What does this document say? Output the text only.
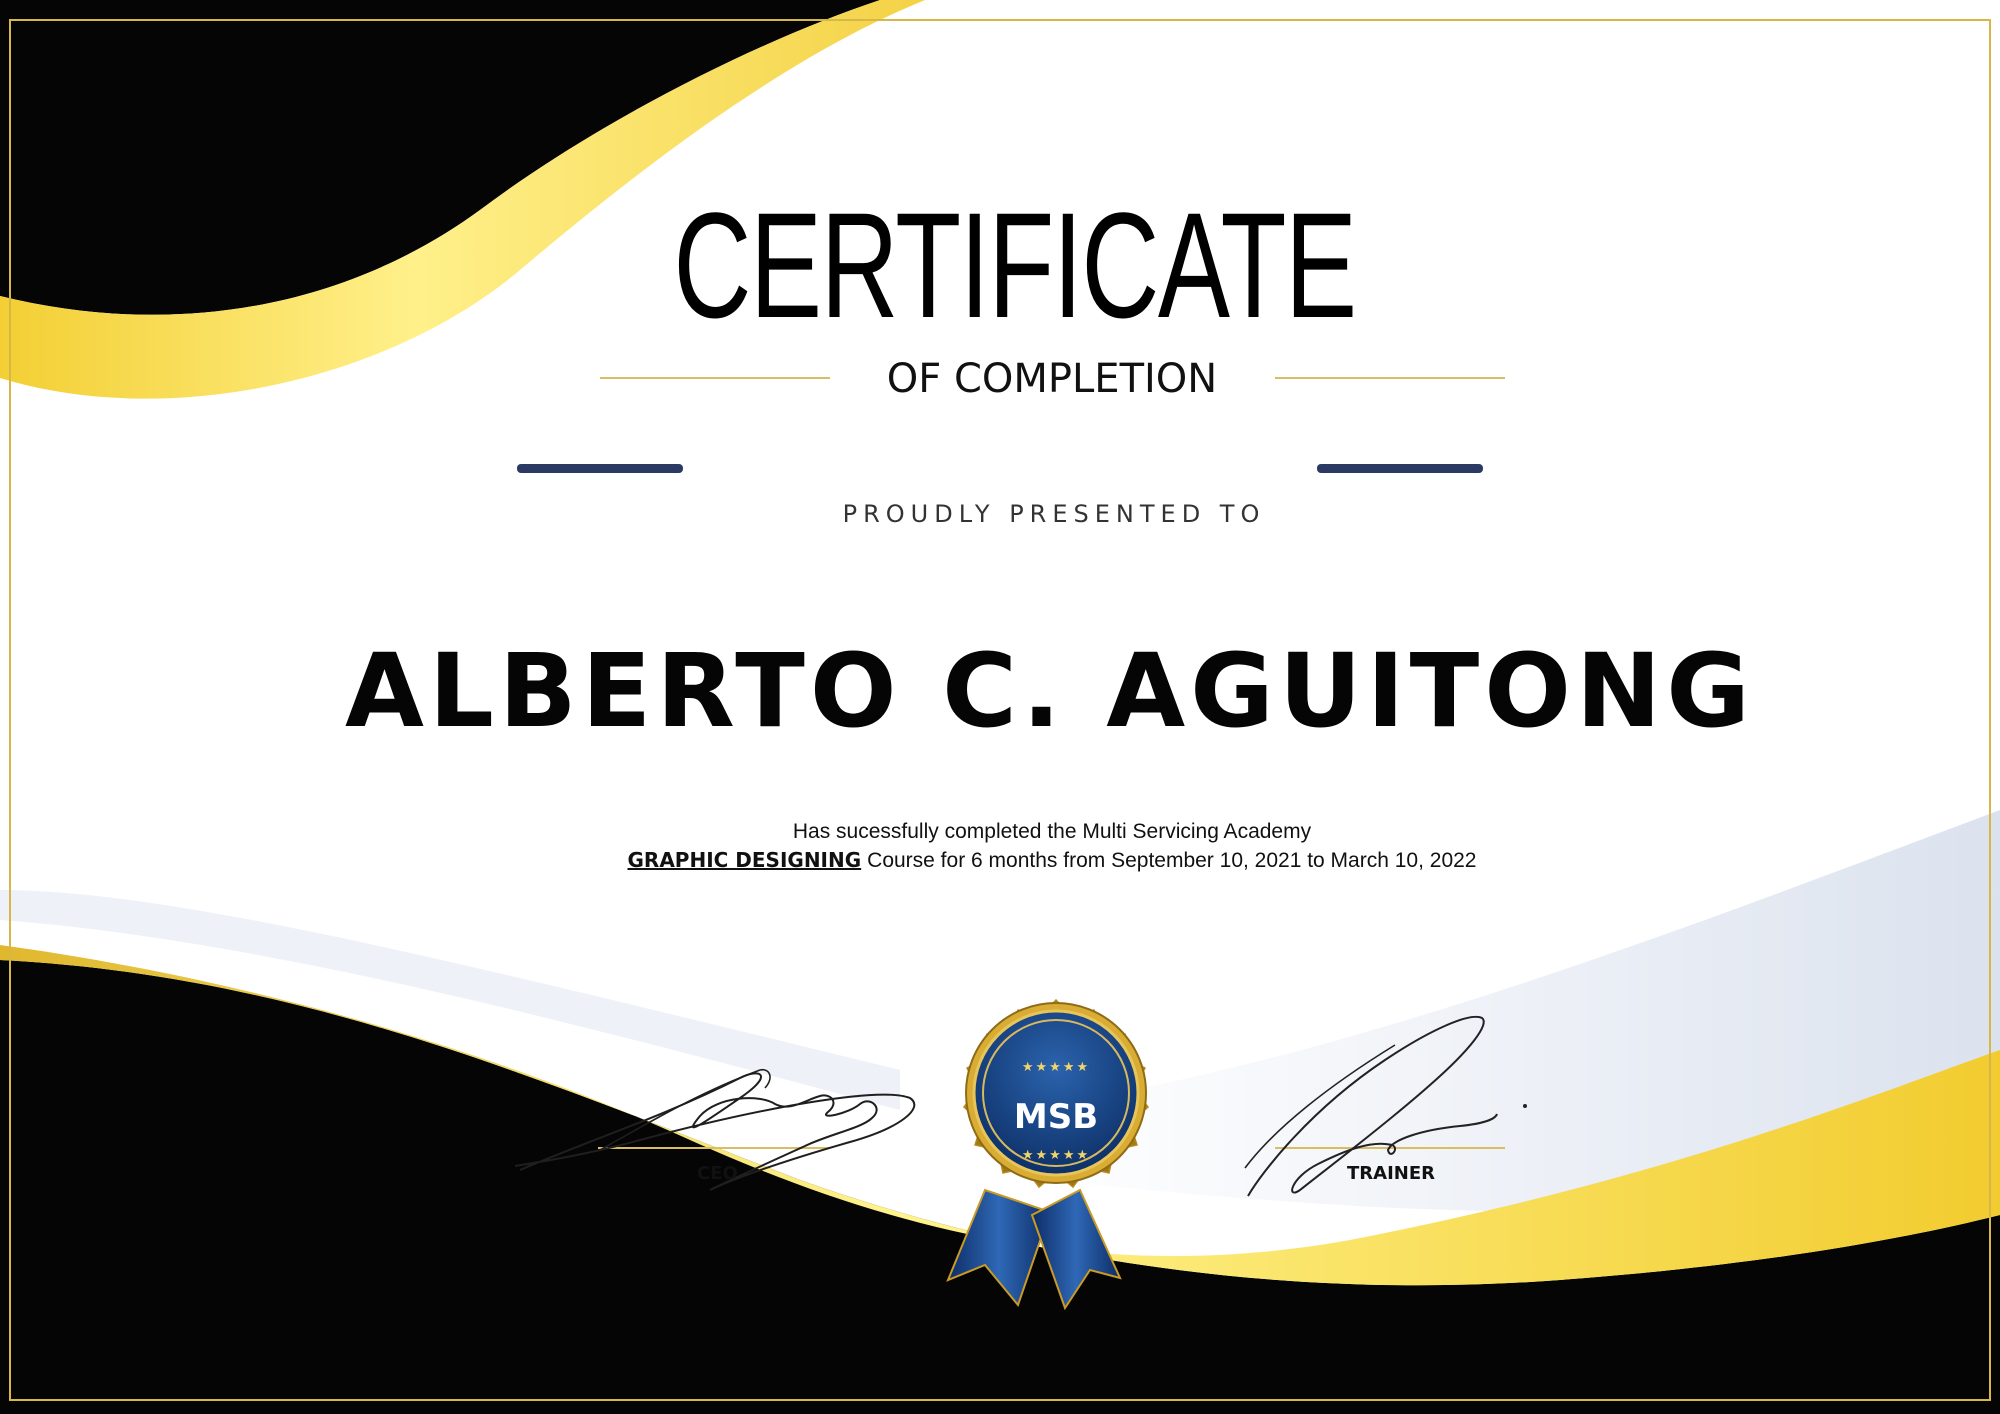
CERTIFICATE
OF COMPLETION
PROUDLY PRESENTED TO
ALBERTO C. AGUITONG
Has sucessfully completed the Multi Servicing Academy
GRAPHIC DESIGNING Course for 6 months from September 10, 2021 to March 10, 2022
CEO	TRAINER
★★★★★
MSB
★★★★★
